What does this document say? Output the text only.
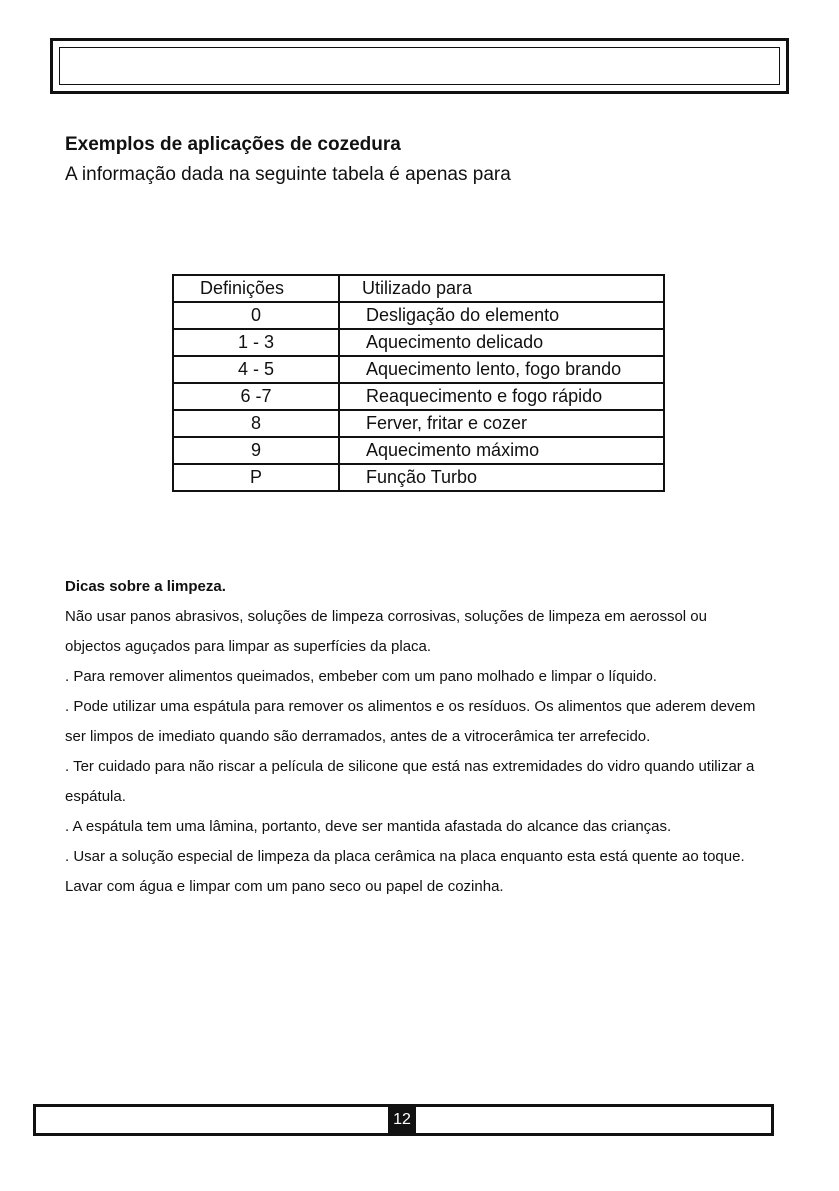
Exemplos de aplicações de cozedura

A informação dada na seguinte tabela é apenas para

Definições	Utilizado para
0	Desligação do elemento
1 - 3	Aquecimento delicado
4 - 5	Aquecimento lento, fogo brando
6 -7	Reaquecimento e fogo rápido
8	Ferver, fritar e cozer
9	Aquecimento máximo
P	Função Turbo

Dicas sobre a limpeza.

Não usar panos abrasivos, soluções de limpeza corrosivas, soluções de limpeza em aerossol ou objectos aguçados para limpar as superfícies da placa.

. Para remover alimentos queimados, embeber com um pano molhado e limpar o líquido.

. Pode utilizar uma espátula para remover os alimentos e os resíduos. Os alimentos que aderem devem ser limpos de imediato quando são derramados, antes de a vitrocerâmica ter arrefecido.

. Ter cuidado para não riscar a película de silicone que está nas extremidades do vidro quando utilizar a espátula.

. A espátula tem uma lâmina, portanto, deve ser mantida afastada do alcance das crianças.

. Usar a solução especial de limpeza da placa cerâmica na placa enquanto esta está quente ao toque. Lavar com água e limpar com um pano seco ou papel de cozinha.

12
